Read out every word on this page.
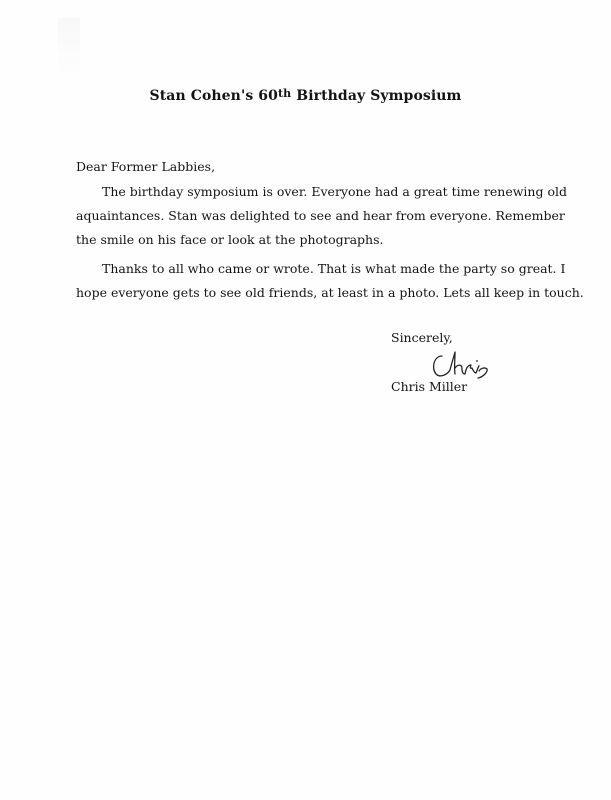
Stan Cohen's 60th Birthday Symposium
Dear Former Labbies,

The birthday symposium is over. Everyone had a great time renewing old
aquaintances. Stan was delighted to see and hear from everyone. Remember
the smile on his face or look at the photographs.

Thanks to all who came or wrote. That is what made the party so great. I
hope everyone gets to see old friends, at least in a photo. Lets all keep in touch.

Sincerely,
Chris Miller
